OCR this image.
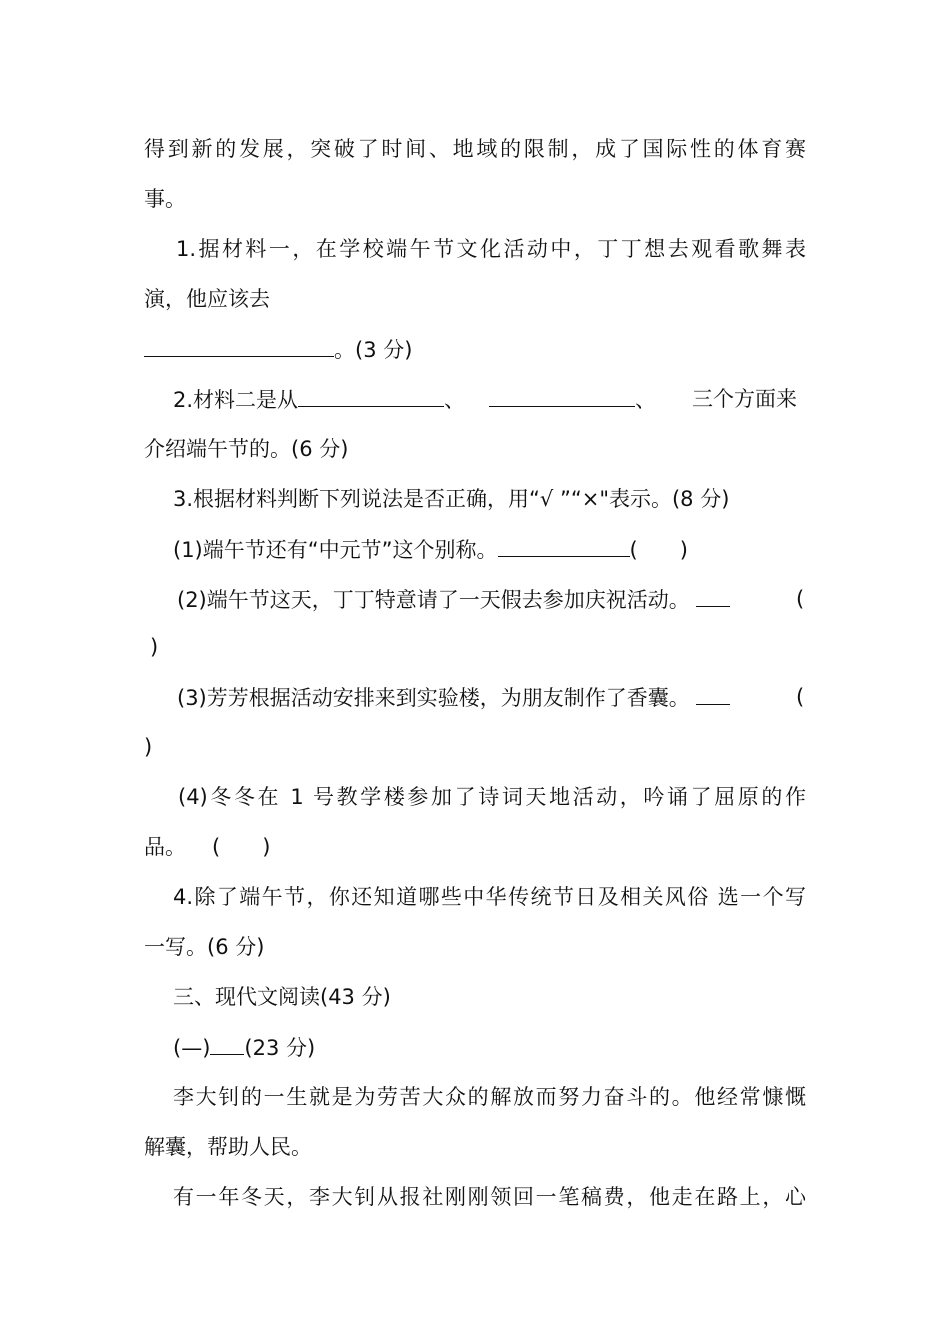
得到新的发展，突破了时间、地域的限制，成了国际性的体育赛
事。
1.据材料一，在学校端午节文化活动中，丁丁想去观看歌舞表
演，他应该去
。(3 分)
2.材料二是从	、	、 三个方面来
介绍端午节的。(6 分)
3.根据材料判断下列说法是否正确，用“√ ”“×"表示。(8 分)
(1)端午节还有“中元节”这个别称。	(　　)
(2)端午节这天，丁丁特意请了一天假去参加庆祝活动。	(
)
(3)芳芳根据活动安排来到实验楼，为朋友制作了香囊。	(
)
(4)冬冬在 1 号教学楼参加了诗词天地活动，吟诵了屈原的作
品。 (　　)
4.除了端午节，你还知道哪些中华传统节日及相关风俗 选一个写
一写。(6 分)
三、现代文阅读(43 分)
(—) (23 分)
李大钊的一生就是为劳苦大众的解放而努力奋斗的。他经常慷慨
解囊，帮助人民。
有一年冬天，李大钊从报社刚刚领回一笔稿费，他走在路上，心
